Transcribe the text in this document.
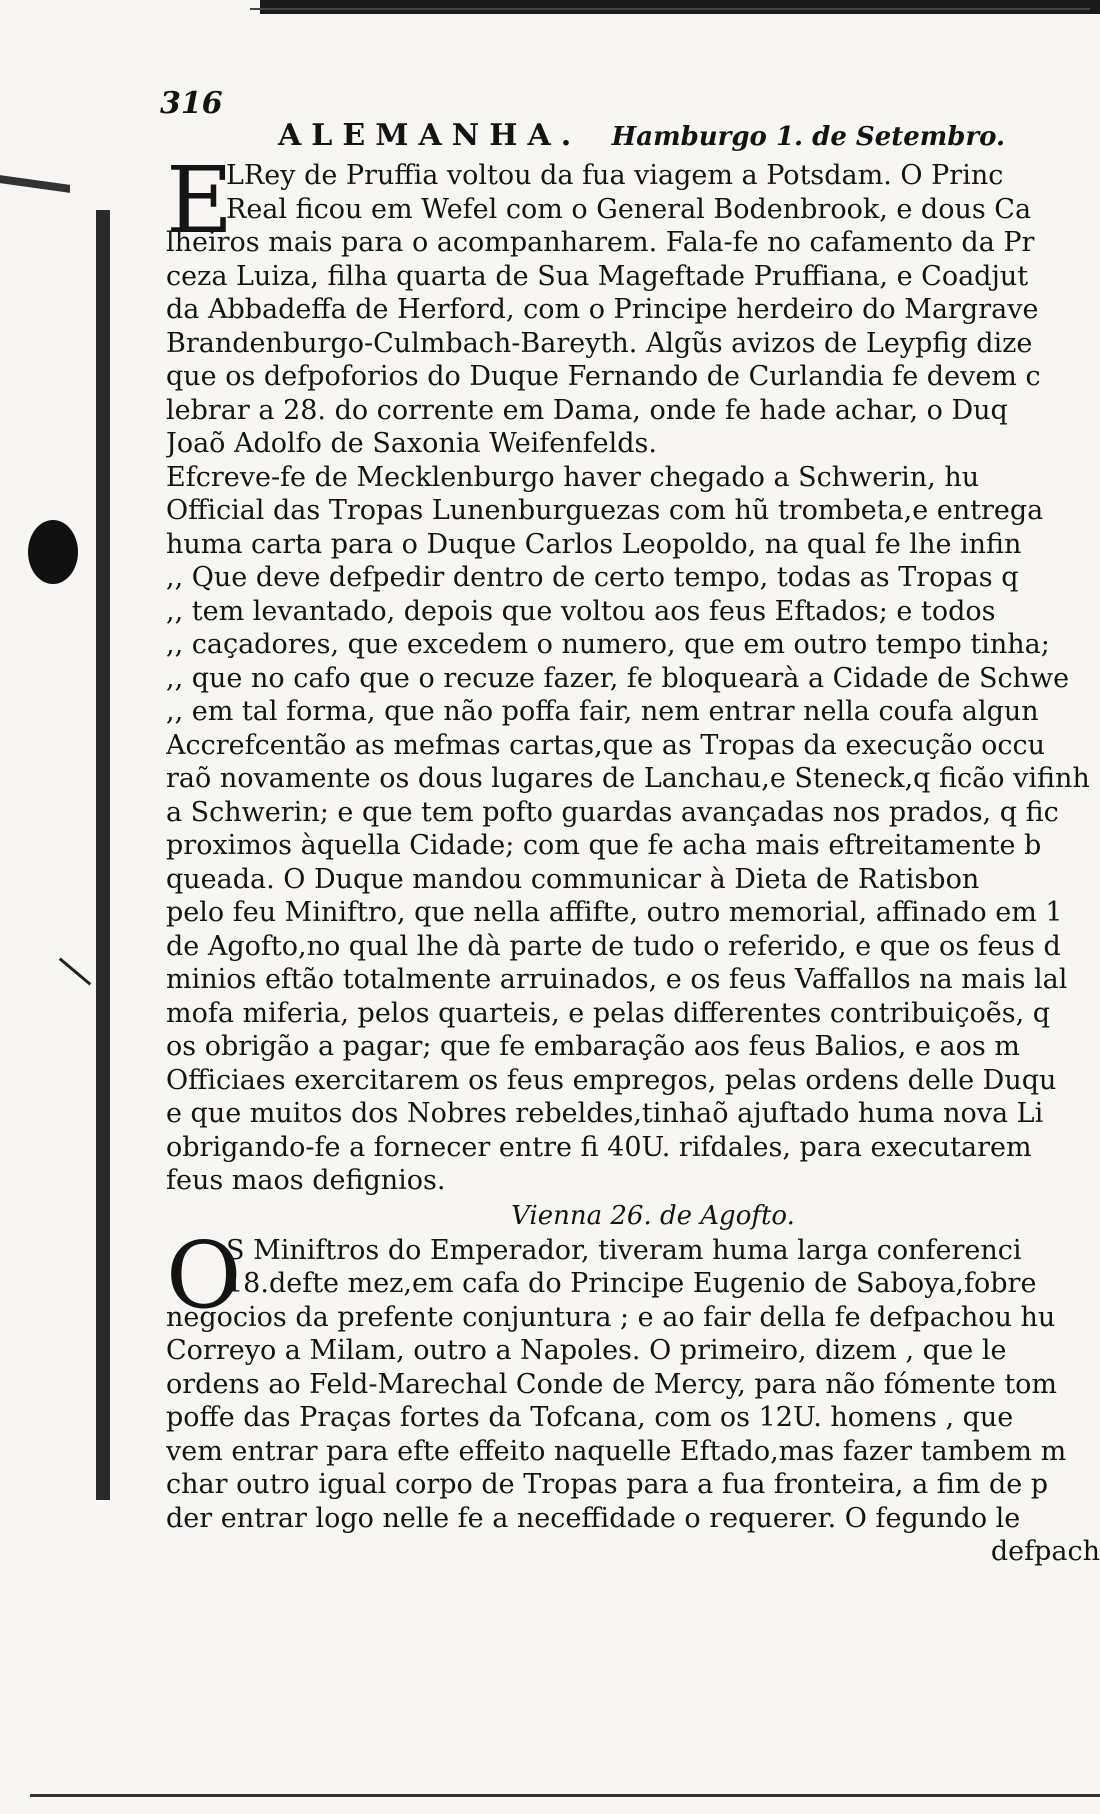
316
ALEMANHA. Hamburgo 1. de Setembro.
E
LRey de Pruffia voltou da fua viagem a Potsdam. O Princ
Real ficou em Wefel com o General Bodenbrook, e dous Ca
lheiros mais para o acompanharem. Fala-fe no cafamento da Pr
ceza Luiza, filha quarta de Sua Mageftade Pruffiana, e Coadjut
da Abbadeffa de Herford, com o Principe herdeiro do Margrave
Brandenburgo-Culmbach-Bareyth. Algũs avizos de Leypfig dize
que os defpoforios do Duque Fernando de Curlandia fe devem c
lebrar a 28. do corrente em Dama, onde fe hade achar, o Duq
Joaõ Adolfo de Saxonia Weifenfelds.
Efcreve-fe de Mecklenburgo haver chegado a Schwerin, hu
Official das Tropas Lunenburguezas com hũ trombeta,e entrega
huma carta para o Duque Carlos Leopoldo, na qual fe lhe infin
,, Que deve defpedir dentro de certo tempo, todas as Tropas q
,, tem levantado, depois que voltou aos feus Eftados; e todos
,, caçadores, que excedem o numero, que em outro tempo tinha;
,, que no cafo que o recuze fazer, fe bloquearà a Cidade de Schwe
,, em tal forma, que não poffa fair, nem entrar nella coufa algun
Accrefcentão as mefmas cartas,que as Tropas da execução occu
raõ novamente os dous lugares de Lanchau,e Steneck,q ficão vifinh
a Schwerin; e que tem pofto guardas avançadas nos prados, q fic
proximos àquella Cidade; com que fe acha mais eftreitamente b
queada. O Duque mandou communicar à Dieta de Ratisbon
pelo feu Miniftro, que nella affifte, outro memorial, affinado em 1
de Agofto,no qual lhe dà parte de tudo o referido, e que os feus d
minios eftão totalmente arruinados, e os feus Vaffallos na mais lal
mofa miferia, pelos quarteis, e pelas differentes contribuiçoẽs, q
os obrigão a pagar; que fe embaração aos feus Balios, e aos m
Officiaes exercitarem os feus empregos, pelas ordens delle Duqu
e que muitos dos Nobres rebeldes,tinhaõ ajuftado huma nova Li
obrigando-fe a fornecer entre fi 40U. rifdales, para executarem
feus maos defignios.
Vienna 26. de Agofto.
O
S Miniftros do Emperador, tiveram huma larga conferenci
18.defte mez,em cafa do Principe Eugenio de Saboya,fobre
negocios da prefente conjuntura ; e ao fair della fe defpachou hu
Correyo a Milam, outro a Napoles. O primeiro, dizem , que le
ordens ao Feld-Marechal Conde de Mercy, para não fómente tom
poffe das Praças fortes da Tofcana, com os 12U. homens , que
vem entrar para efte effeito naquelle Eftado,mas fazer tambem m
char outro igual corpo de Tropas para a fua fronteira, a fim de p
der entrar logo nelle fe a neceffidade o requerer. O fegundo le
defpach
